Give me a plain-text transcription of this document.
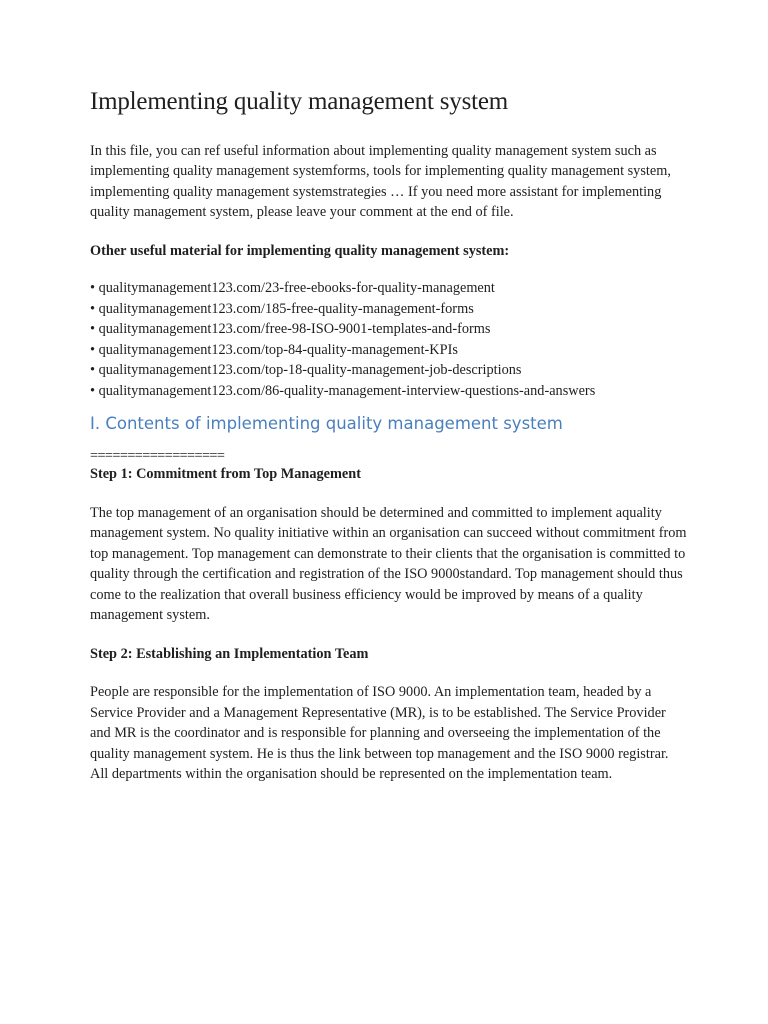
Implementing quality management system

In this file, you can ref useful information about implementing quality management system such as implementing quality management systemforms, tools for implementing quality management system, implementing quality management systemstrategies … If you need more assistant for implementing quality management system, please leave your comment at the end of file.

Other useful material for implementing quality management system:

• qualitymanagement123.com/23-free-ebooks-for-quality-management
• qualitymanagement123.com/185-free-quality-management-forms
• qualitymanagement123.com/free-98-ISO-9001-templates-and-forms
• qualitymanagement123.com/top-84-quality-management-KPIs
• qualitymanagement123.com/top-18-quality-management-job-descriptions
• qualitymanagement123.com/86-quality-management-interview-questions-and-answers
I. Contents of implementing quality management system

==================

Step 1: Commitment from Top Management

The top management of an organisation should be determined and committed to implement aquality management system. No quality initiative within an organisation can succeed without commitment from top management. Top management can demonstrate to their clients that the organisation is committed to quality through the certification and registration of the ISO 9000standard. Top management should thus come to the realization that overall business efficiency would be improved by means of a quality management system.

Step 2: Establishing an Implementation Team

People are responsible for the implementation of ISO 9000. An implementation team, headed by a Service Provider and a Management Representative (MR), is to be established. The Service Provider and MR is the coordinator and is responsible for planning and overseeing the implementation of the quality management system. He is thus the link between top management and the ISO 9000 registrar. All departments within the organisation should be represented on the implementation team.
